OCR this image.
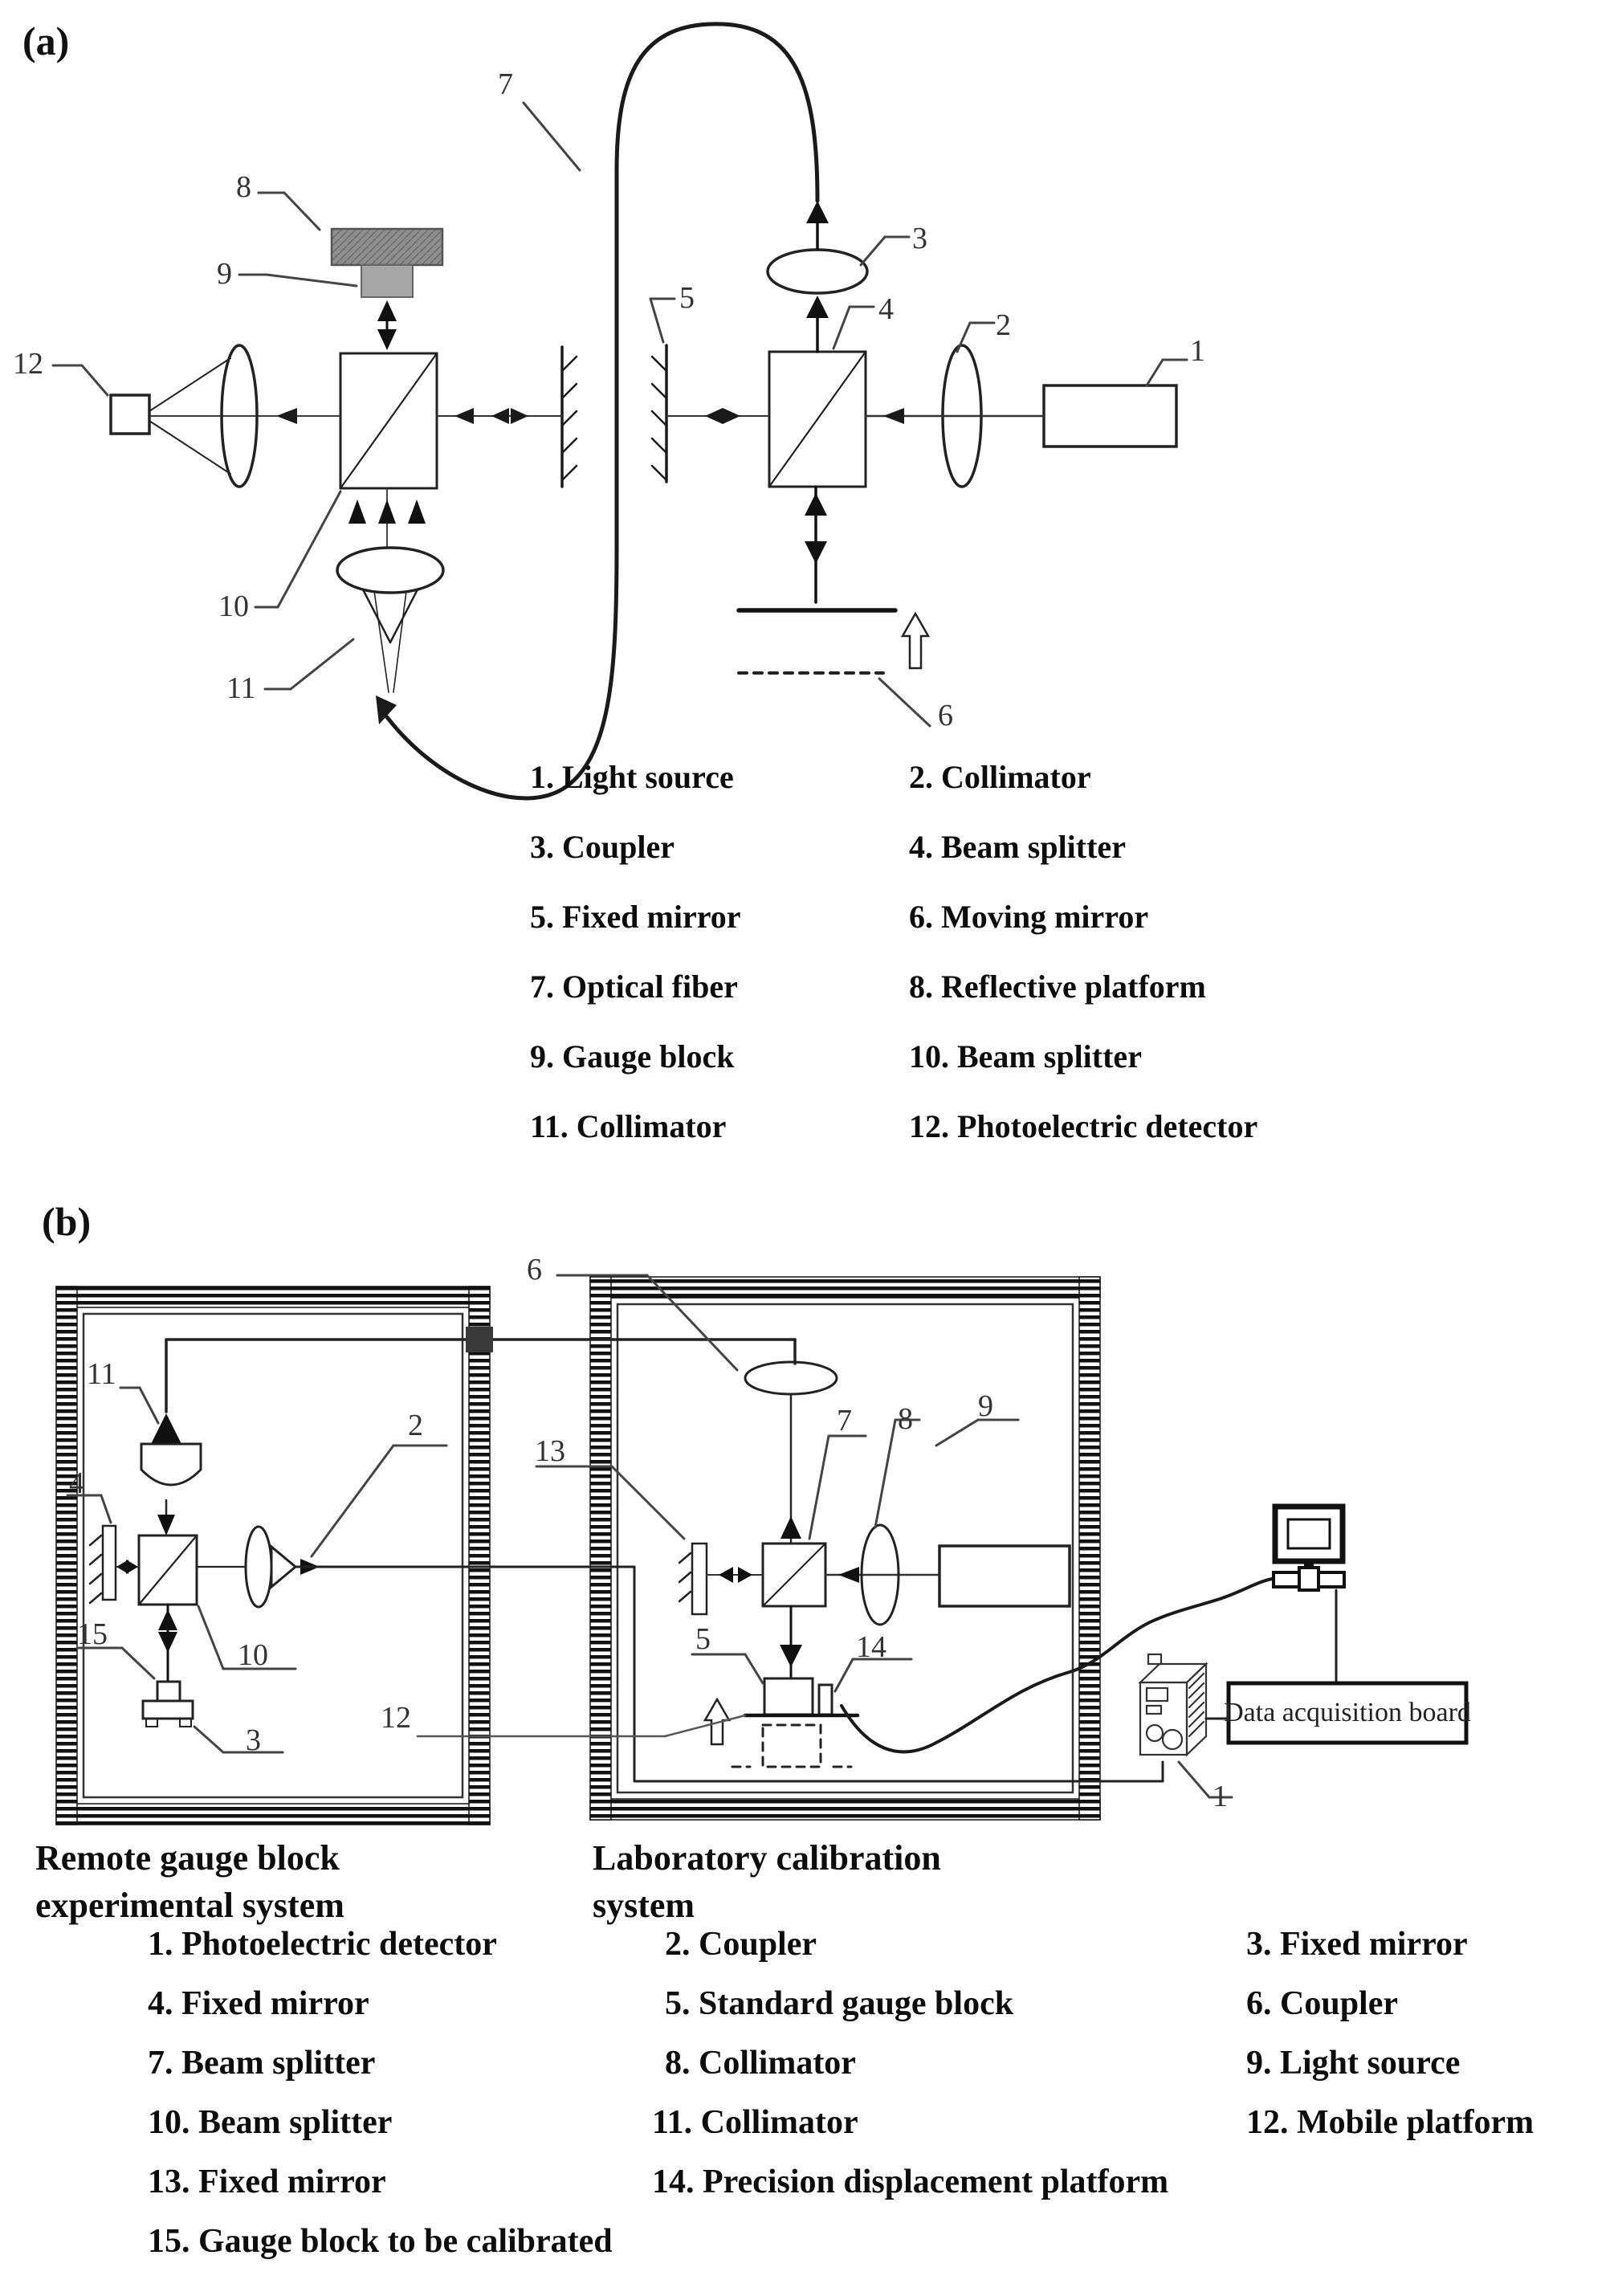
(a)
(b)
1
2
3
4
5
6
7
8
9
10
11
12
1. Light source	2. Collimator
3. Coupler	4. Beam splitter
5. Fixed mirror	6. Moving mirror
7. Optical fiber	8. Reflective platform
9. Gauge block	10. Beam splitter
11. Collimator	12. Photoelectric detector
1
2
3
4
5
6
7 8 9
10
11
12
13
14
15
Remote gauge block
experimental system
Laboratory calibration
system
Data acquisition board
1. Photoelectric detector	2. Coupler	3. Fixed mirror
4. Fixed mirror	5. Standard gauge block	6. Coupler
7. Beam splitter	8. Collimator	9. Light source
10. Beam splitter	11. Collimator	12. Mobile platform
13. Fixed mirror	14. Precision displacement platform
15. Gauge block to be calibrated
